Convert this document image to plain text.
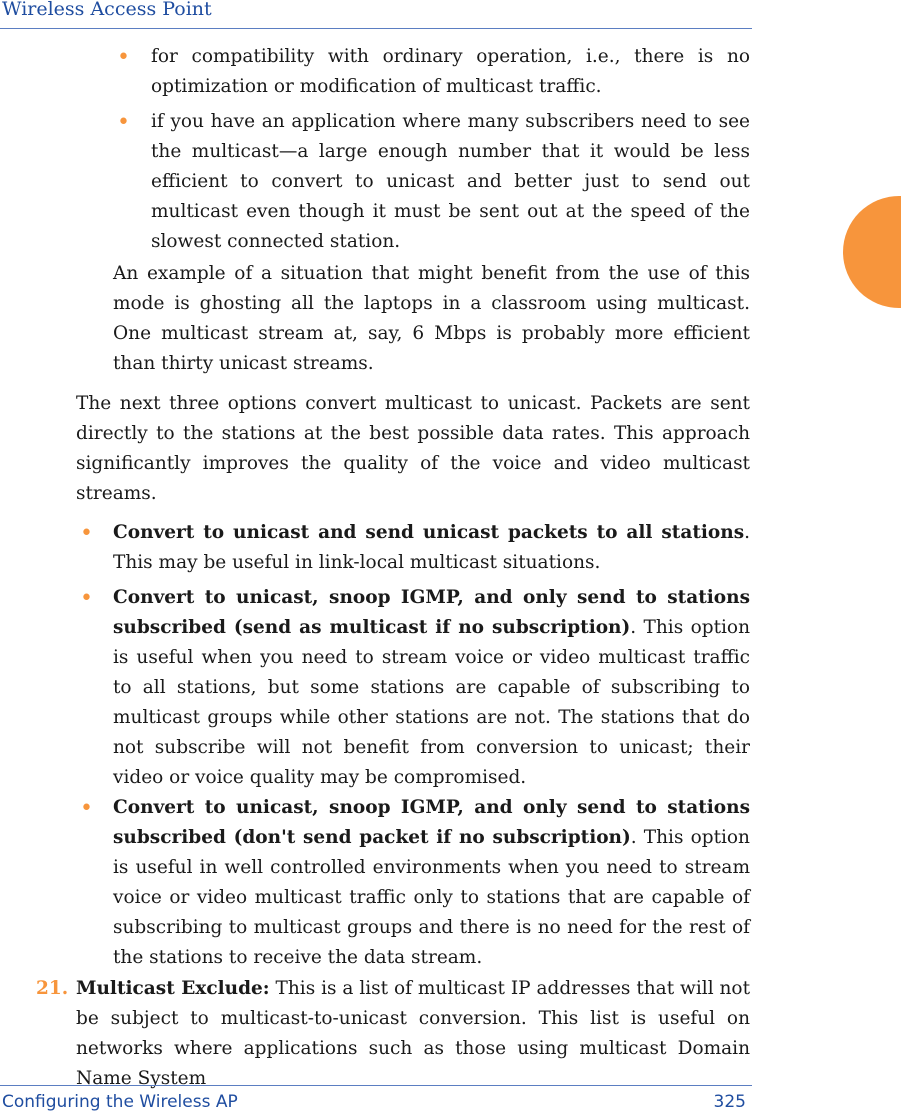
Wireless Access Point
• for compatibility with ordinary operation, i.e., there is no optimization or modification of multicast traffic.
• if you have an application where many subscribers need to see the multicast—a large enough number that it would be less efficient to convert to unicast and better just to send out multicast even though it must be sent out at the speed of the slowest connected station.
An example of a situation that might benefit from the use of this mode is ghosting all the laptops in a classroom using multicast. One multicast stream at, say, 6 Mbps is probably more efficient than thirty unicast streams.
The next three options convert multicast to unicast. Packets are sent directly to the stations at the best possible data rates. This approach significantly improves the quality of the voice and video multicast streams.
• Convert to unicast and send unicast packets to all stations. This may be useful in link-local multicast situations.
• Convert to unicast, snoop IGMP, and only send to stations subscribed (send as multicast if no subscription). This option is useful when you need to stream voice or video multicast traffic to all stations, but some stations are capable of subscribing to multicast groups while other stations are not. The stations that do not subscribe will not benefit from conversion to unicast; their video or voice quality may be compromised.
• Convert to unicast, snoop IGMP, and only send to stations subscribed (don't send packet if no subscription). This option is useful in well controlled environments when you need to stream voice or video multicast traffic only to stations that are capable of subscribing to multicast groups and there is no need for the rest of the stations to receive the data stream.
21. Multicast Exclude: This is a list of multicast IP addresses that will not be subject to multicast-to-unicast conversion. This list is useful on networks where applications such as those using multicast Domain Name System
Configuring the Wireless AP	325
